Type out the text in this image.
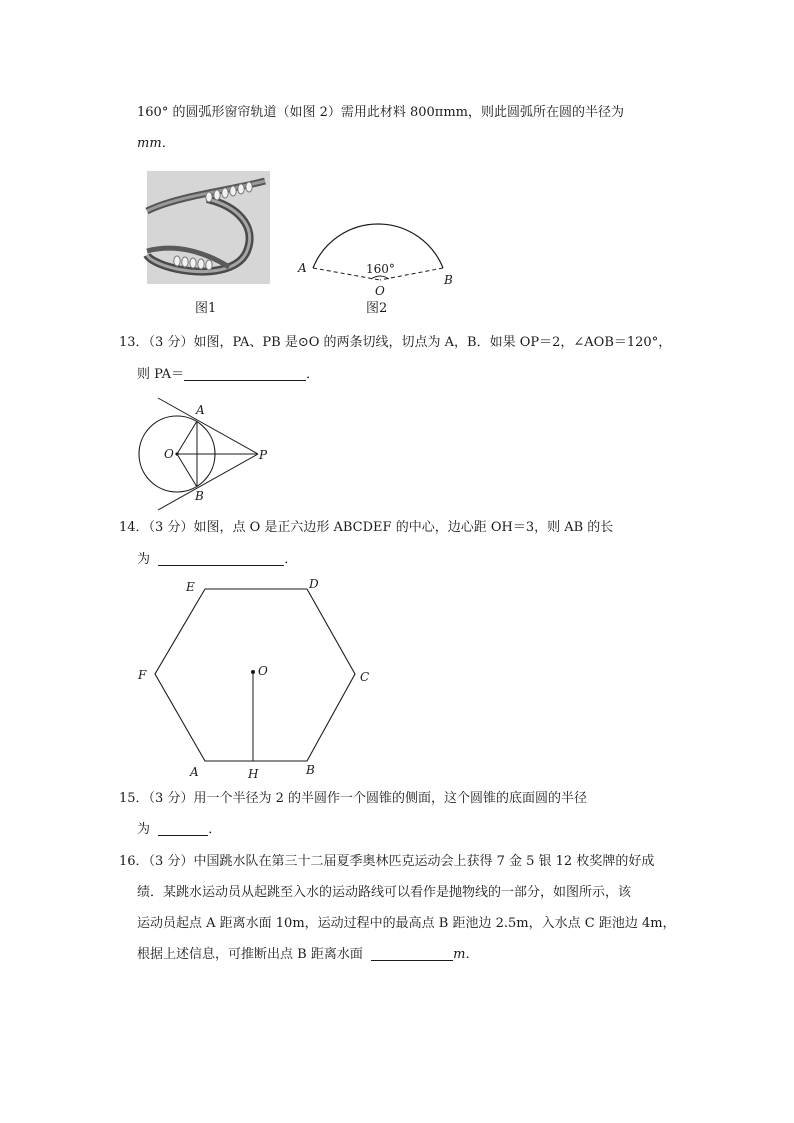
160° 的圆弧形窗帘轨道（如图 2）需用此材料 800πmm，则此圆弧所在圆的半径为
mm．
图1
160°
A
O
B
图2
13．（3 分）如图，PA、PB 是⊙O 的两条切线，切点为 A，B．如果 OP＝2，∠AOB＝120°，
则 PA＝	．
A
O	P
B
14．（3 分）如图，点 O 是正六边形 ABCDEF 的中心，边心距 OH＝3，则 AB 的长
为	．
E	D
F	C
O
A	H	B
15．（3 分）用一个半径为 2 的半圆作一个圆锥的侧面，这个圆锥的底面圆的半径
为	．
16．（3 分）中国跳水队在第三十二届夏季奥林匹克运动会上获得 7 金 5 银 12 枚奖牌的好成
绩．某跳水运动员从起跳至入水的运动路线可以看作是抛物线的一部分，如图所示，该
运动员起点 A 距离水面 10m，运动过程中的最高点 B 距池边 2.5m，入水点 C 距池边 4m，
根据上述信息，可推断出点 B 距离水面	m．
